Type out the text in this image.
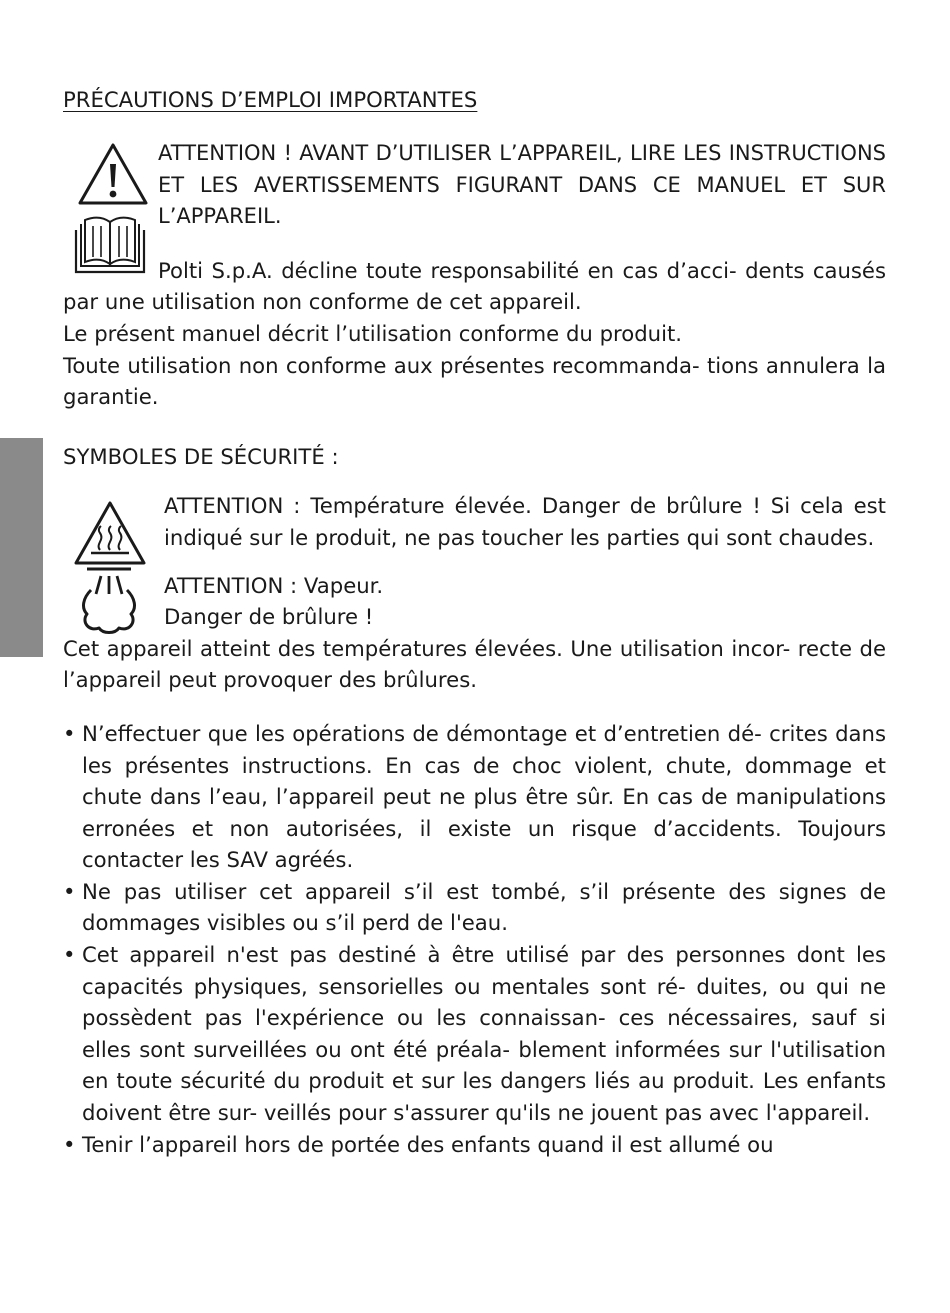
PRÉCAUTIONS D’EMPLOI IMPORTANTES

ATTENTION ! AVANT D’UTILISER L’APPAREIL, LIRE LES INSTRUCTIONS ET LES AVERTISSEMENTS FIGURANT DANS CE MANUEL ET SUR L’APPAREIL.

Polti S.p.A. décline toute responsabilité en cas d’acci- dents causés par une utilisation non conforme de cet appareil.

Le présent manuel décrit l’utilisation conforme du produit.

Toute utilisation non conforme aux présentes recommanda- tions annulera la garantie.

SYMBOLES DE SÉCURITÉ :

ATTENTION : Température élevée. Danger de brûlure ! Si cela est indiqué sur le produit, ne pas toucher les parties qui sont chaudes.

ATTENTION : Vapeur.

Danger de brûlure !

Cet appareil atteint des températures élevées. Une utilisation incor- recte de l’appareil peut provoquer des brûlures.

• N’effectuer que les opérations de démontage et d’entretien dé- crites dans les présentes instructions. En cas de choc violent, chute, dommage et chute dans l’eau, l’appareil peut ne plus être sûr. En cas de manipulations erronées et non autorisées, il existe un risque d’accidents. Toujours contacter les SAV agréés.
• Ne pas utiliser cet appareil s’il est tombé, s’il présente des signes de dommages visibles ou s’il perd de l'eau.
• Cet appareil n'est pas destiné à être utilisé par des personnes dont les capacités physiques, sensorielles ou mentales sont ré- duites, ou qui ne possèdent pas l'expérience ou les connaissan- ces nécessaires, sauf si elles sont surveillées ou ont été préala- blement informées sur l'utilisation en toute sécurité du produit et sur les dangers liés au produit. Les enfants doivent être sur- veillés pour s'assurer qu'ils ne jouent pas avec l'appareil.
• Tenir l’appareil hors de portée des enfants quand il est allumé ou
